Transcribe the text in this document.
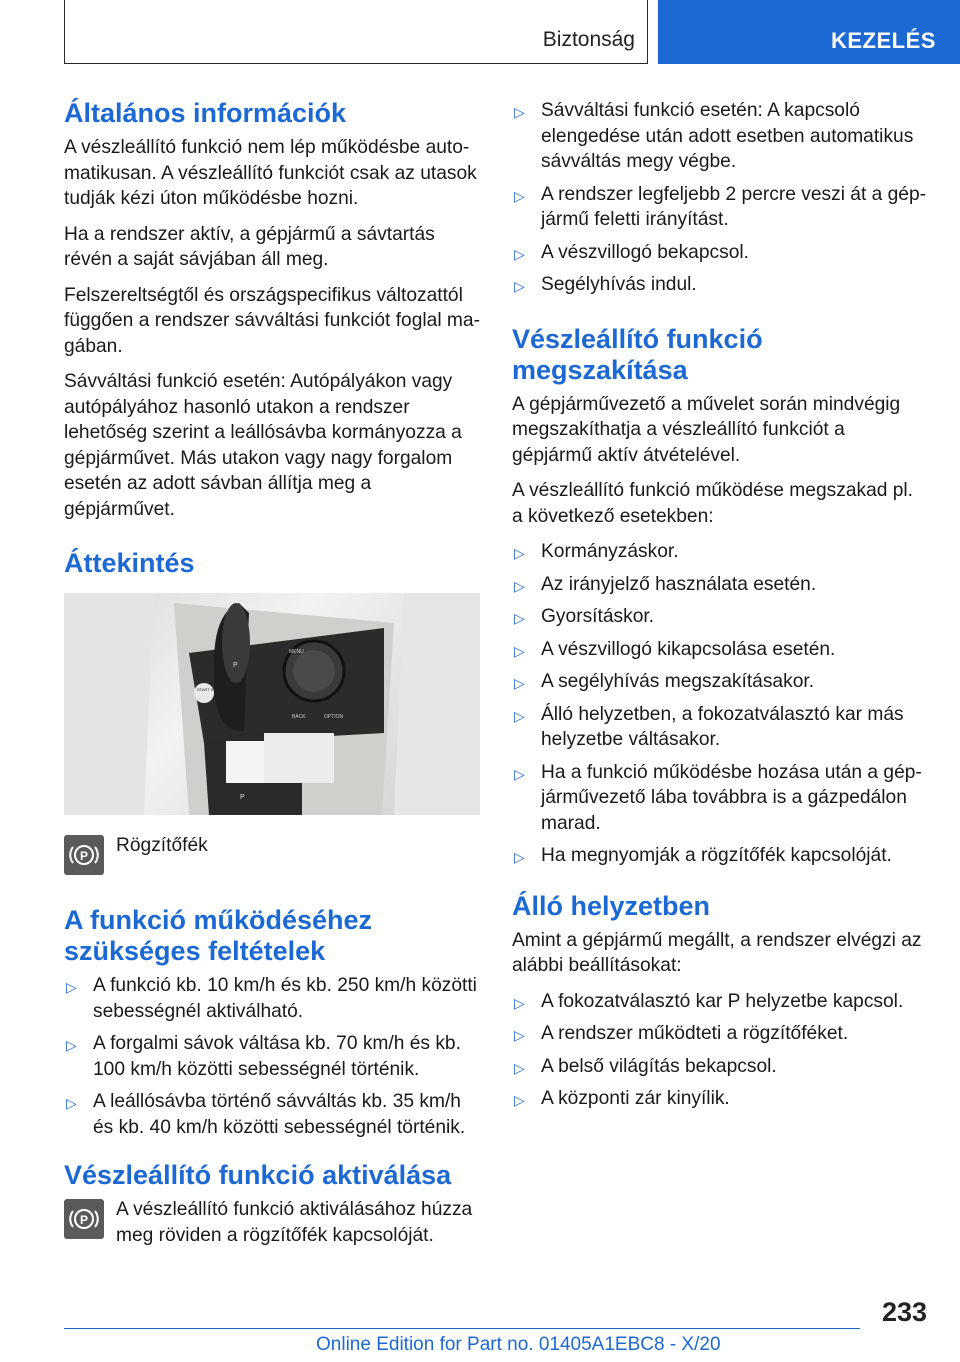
Biztonság	KEZELÉS
Általános információk

A vészleállító funkció nem lép működésbe automatikusan. A vészleállító funkciót csak az utasok tudják kézi úton működésbe hozni.

Ha a rendszer aktív, a gépjármű a sávtartás révén a saját sávjában áll meg.

Felszereltségtől és országspecifikus változattól függően a rendszer sávváltási funkciót foglal magában.

Sávváltási funkció esetén: Autópályákon vagy autópályához hasonló utakon a rendszer lehetőség szerint a leállósávba kormányozza a gépjárművet. Más utakon vagy nagy forgalom esetén az adott sávban állítja meg a gépjárművet.

Áttekintés
START STOP
MENU
BACK	OPTION
P
P
P Rögzítőfék
A funkció működéséhez szükséges feltételek
▷ A funkció kb. 10 km/h és kb. 250 km/h közötti sebességnél aktiválható.
▷ A forgalmi sávok váltása kb. 70 km/h és kb. 100 km/h közötti sebességnél történik.
▷ A leállósávba történő sávváltás kb. 35 km/h és kb. 40 km/h közötti sebességnél történik.
Vészleállító funkció aktiválása
P A vészleállító funkció aktiválásához húzza meg röviden a rögzítőfék kapcsolóját.
▷ Sávváltási funkció esetén: A kapcsoló elengedése után adott esetben automatikus sávváltás megy végbe.
▷ A rendszer legfeljebb 2 percre veszi át a gépjármű feletti irányítást.
▷ A vészvillogó bekapcsol.
▷ Segélyhívás indul.
Vészleállító funkció megszakítása

A gépjárművezető a művelet során mindvégig megszakíthatja a vészleállító funkciót a gépjármű aktív átvételével.

A vészleállító funkció működése megszakad pl. a következő esetekben:

▷ Kormányzáskor.
▷ Az irányjelző használata esetén.
▷ Gyorsításkor.
▷ A vészvillogó kikapcsolása esetén.
▷ A segélyhívás megszakításakor.
▷ Álló helyzetben, a fokozatválasztó kar más helyzetbe váltásakor.
▷ Ha a funkció működésbe hozása után a gépjárművezető lába továbbra is a gázpedálon marad.
▷ Ha megnyomják a rögzítőfék kapcsolóját.
Álló helyzetben

Amint a gépjármű megállt, a rendszer elvégzi az alábbi beállításokat:

▷ A fokozatválasztó kar P helyzetbe kapcsol.
▷ A rendszer működteti a rögzítőféket.
▷ A belső világítás bekapcsol.
▷ A központi zár kinyílik.
233
Online Edition for Part no. 01405A1EBC8 - X/20
